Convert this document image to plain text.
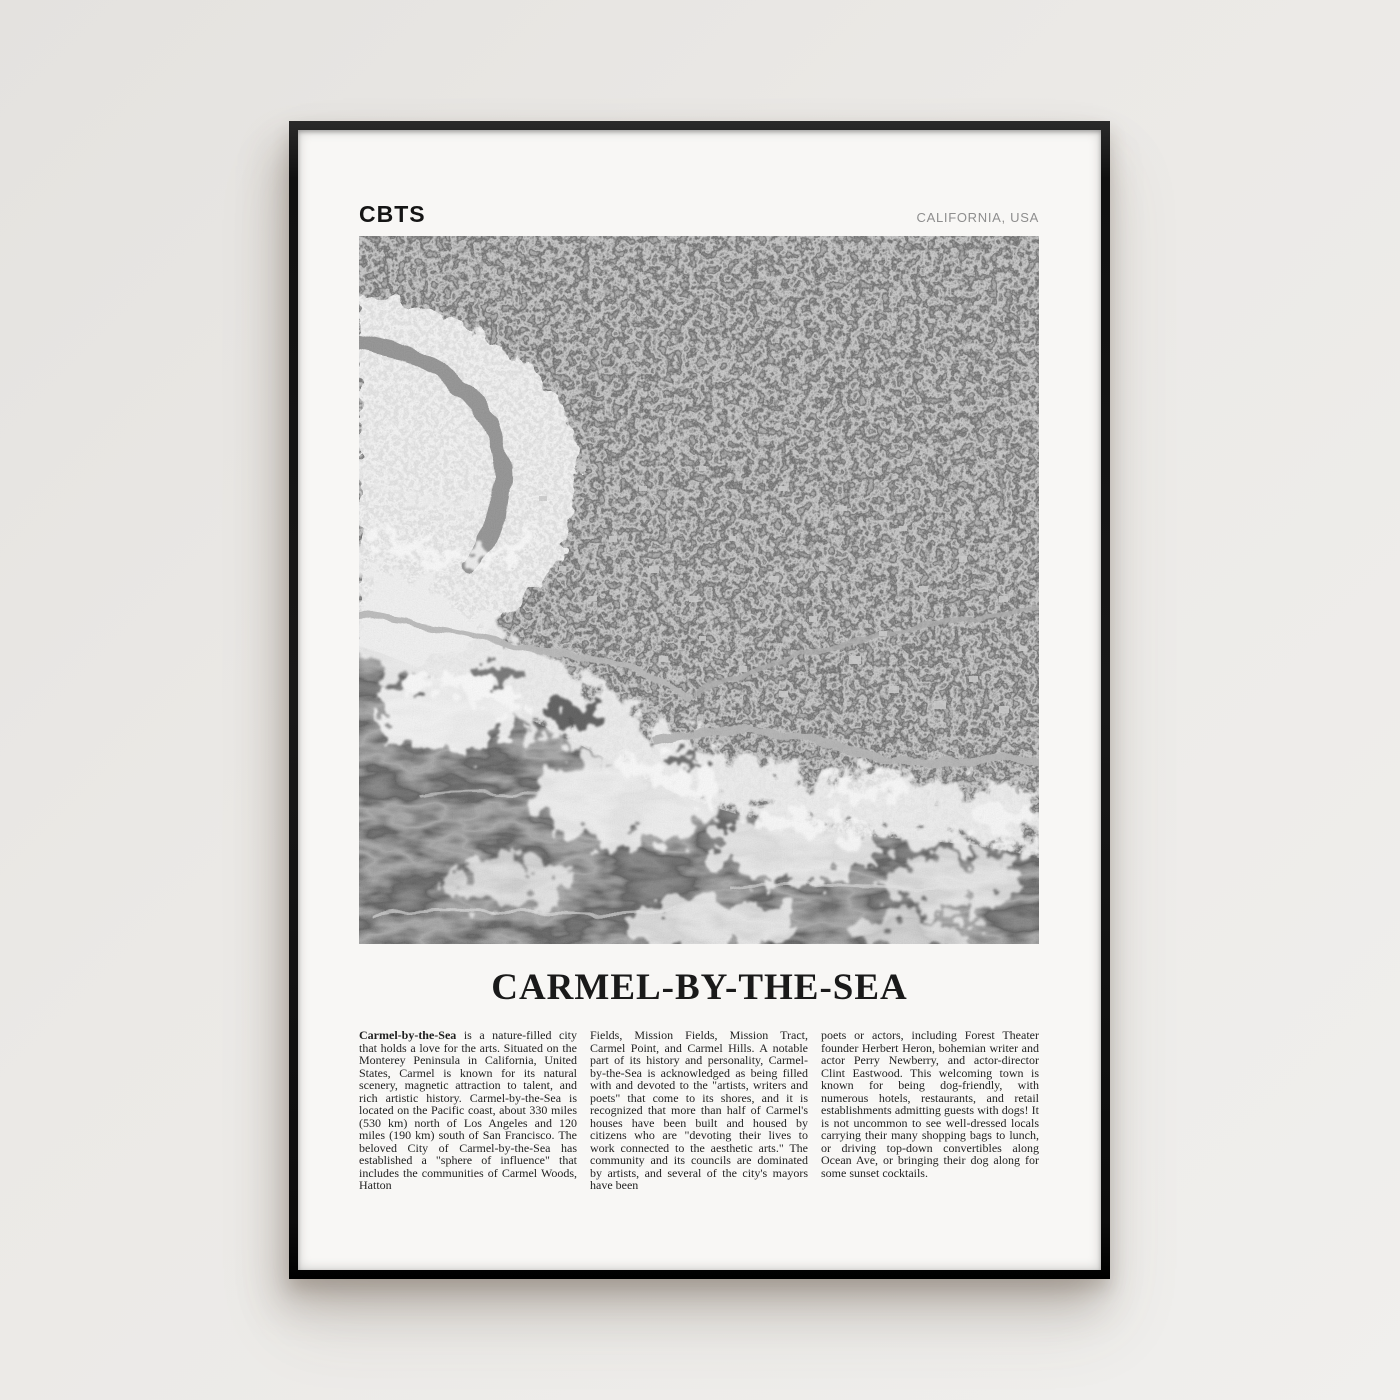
CBTS	CALIFORNIA, USA
CARMEL-BY-THE-SEA

Carmel-by-the-Sea is a nature-filled city that holds a love for the arts. Situated on the Monterey Peninsula in California, United States, Carmel is known for its natural scenery, magnetic attraction to talent, and rich artistic history. Carmel-by-the-Sea is located on the Pacific coast, about 330 miles (530 km) north of Los Angeles and 120 miles (190 km) south of San Francisco. The beloved City of Carmel-by-the-Sea has established a "sphere of influence" that includes the communities of Carmel Woods, Hatton

Fields, Mission Fields, Mission Tract, Carmel Point, and Carmel Hills. A notable part of its history and personality, Carmel-by-the-Sea is acknowledged as being filled with and devoted to the "artists, writers and poets" that come to its shores, and it is recognized that more than half of Carmel's houses have been built and housed by citizens who are "devoting their lives to work connected to the aesthetic arts." The community and its councils are dominated by artists, and several of the city's mayors have been

poets or actors, including Forest Theater founder Herbert Heron, bohemian writer and actor Perry Newberry, and actor-director Clint Eastwood. This welcoming town is known for being dog-friendly, with numerous hotels, restaurants, and retail establishments admitting guests with dogs! It is not uncommon to see well-dressed locals carrying their many shopping bags to lunch, or driving top-down convertibles along Ocean Ave, or bringing their dog along for some sunset cocktails.
